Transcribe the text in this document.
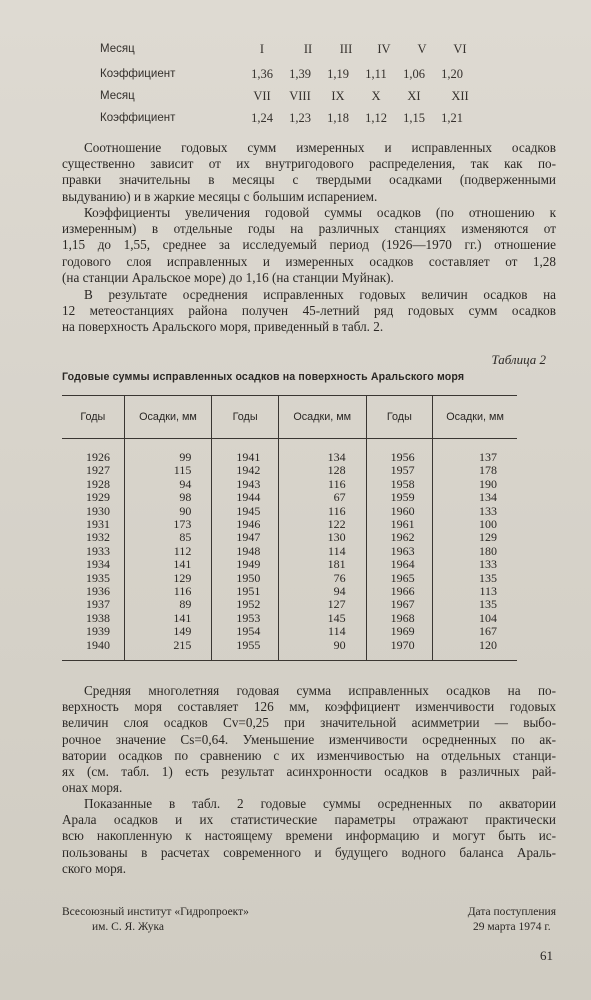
Месяц	I	II	III	IV	V	VI
Коэффициент	1,36	1,39	1,19	1,11	1,06	1,20
Месяц	VII	VIII	IX	X	XI	XII
Коэффициент	1,24	1,23	1,18	1,12	1,15	1,21
Соотношение годовых сумм измеренных и исправленных осадков
существенно зависит от их внутригодового распределения, так как по-
правки значительны в месяцы с твердыми осадками (подверженными
выдуванию) и в жаркие месяцы с большим испарением.
Коэффициенты увеличения годовой суммы осадков (по отношению к
измеренным) в отдельные годы на различных станциях изменяются от
1,15 до 1,55, среднее за исследуемый период (1926—1970 гг.) отношение
годового слоя исправленных и измеренных осадков составляет от 1,28
(на станции Аральское море) до 1,16 (на станции Муйнак).
В результате осреднения исправленных годовых величин осадков на
12 метеостанциях района получен 45-летний ряд годовых сумм осадков
на поверхность Аральского моря, приведенный в табл. 2.
Таблица 2
Годовые суммы исправленных осадков на поверхность Аральского моря
Годы	Осадки, мм	Годы	Осадки, мм	Годы	Осадки, мм
1926	99	1941	134	1956	137
1927	115	1942	128	1957	178
1928	94	1943	116	1958	190
1929	98	1944	67	1959	134
1930	90	1945	116	1960	133
1931	173	1946	122	1961	100
1932	85	1947	130	1962	129
1933	112	1948	114	1963	180
1934	141	1949	181	1964	133
1935	129	1950	76	1965	135
1936	116	1951	94	1966	113
1937	89	1952	127	1967	135
1938	141	1953	145	1968	104
1939	149	1954	114	1969	167
1940	215	1955	90	1970	120
Средняя многолетняя годовая сумма исправленных осадков на по-
верхность моря составляет 126 мм, коэффициент изменчивости годовых
величин слоя осадков Cv=0,25 при значительной асимметрии — выбо-
рочное значение Cs=0,64. Уменьшение изменчивости осредненных по ак-
ватории осадков по сравнению с их изменчивостью на отдельных станци-
ях (см. табл. 1) есть результат асинхронности осадков в различных рай-
онах моря.
Показанные в табл. 2 годовые суммы осредненных по акватории
Арала осадков и их статистические параметры отражают практически
всю накопленную к настоящему времени информацию и могут быть ис-
пользованы в расчетах современного и будущего водного баланса Араль-
ского моря.
Всесоюзный институт «Гидропроект»
им. С. Я. Жука
Дата поступления
29 марта 1974 г.
61
